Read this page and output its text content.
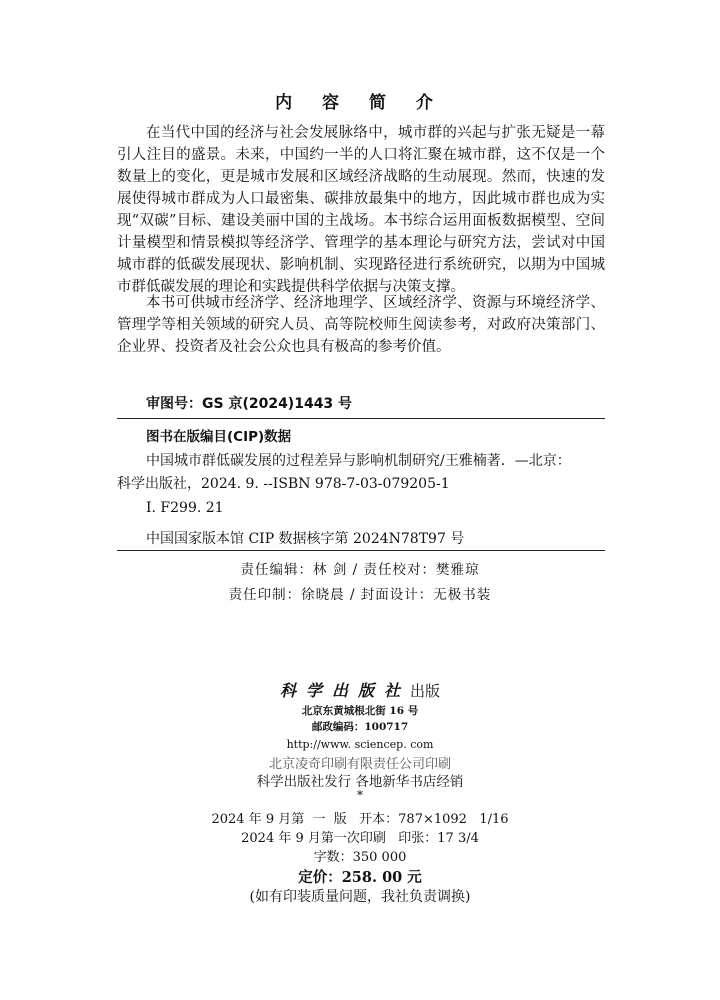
内 容 简 介
在当代中国的经济与社会发展脉络中，城市群的兴起与扩张无疑是一幕引人注目的盛景。未来，中国约一半的人口将汇聚在城市群，这不仅是一个数量上的变化，更是城市发展和区域经济战略的生动展现。然而，快速的发展使得城市群成为人口最密集、碳排放最集中的地方，因此城市群也成为实现“双碳”目标、建设美丽中国的主战场。本书综合运用面板数据模型、空间计量模型和情景模拟等经济学、管理学的基本理论与研究方法，尝试对中国城市群的低碳发展现状、影响机制、实现路径进行系统研究，以期为中国城市群低碳发展的理论和实践提供科学依据与决策支撑。
本书可供城市经济学、经济地理学、区域经济学、资源与环境经济学、管理学等相关领域的研究人员、高等院校师生阅读参考，对政府决策部门、企业界、投资者及社会公众也具有极高的参考价值。
审图号：GS 京(2024)1443 号
图书在版编目(CIP)数据
中国城市群低碳发展的过程差异与影响机制研究/王雅楠著．—北京：
科学出版社，2024. 9. --ISBN 978-7-03-079205-1
Ⅰ. F299. 21
中国国家版本馆 CIP 数据核字第 2024N78T97 号
责任编辑：林 剑 / 责任校对：樊雅琼
责任印制：徐晓晨 / 封面设计：无极书装
科学出版社出版
北京东黄城根北街 16 号
邮政编码：100717
http://www. sciencep. com
北京凌奇印刷有限责任公司印刷
科学出版社发行 各地新华书店经销
*
2024 年 9 月第  一  版   开本：787×1092   1/16
2024 年 9 月第一次印刷   印张：17 3/4
字数：350 000
定价：258. 00 元
(如有印装质量问题，我社负责调换)
